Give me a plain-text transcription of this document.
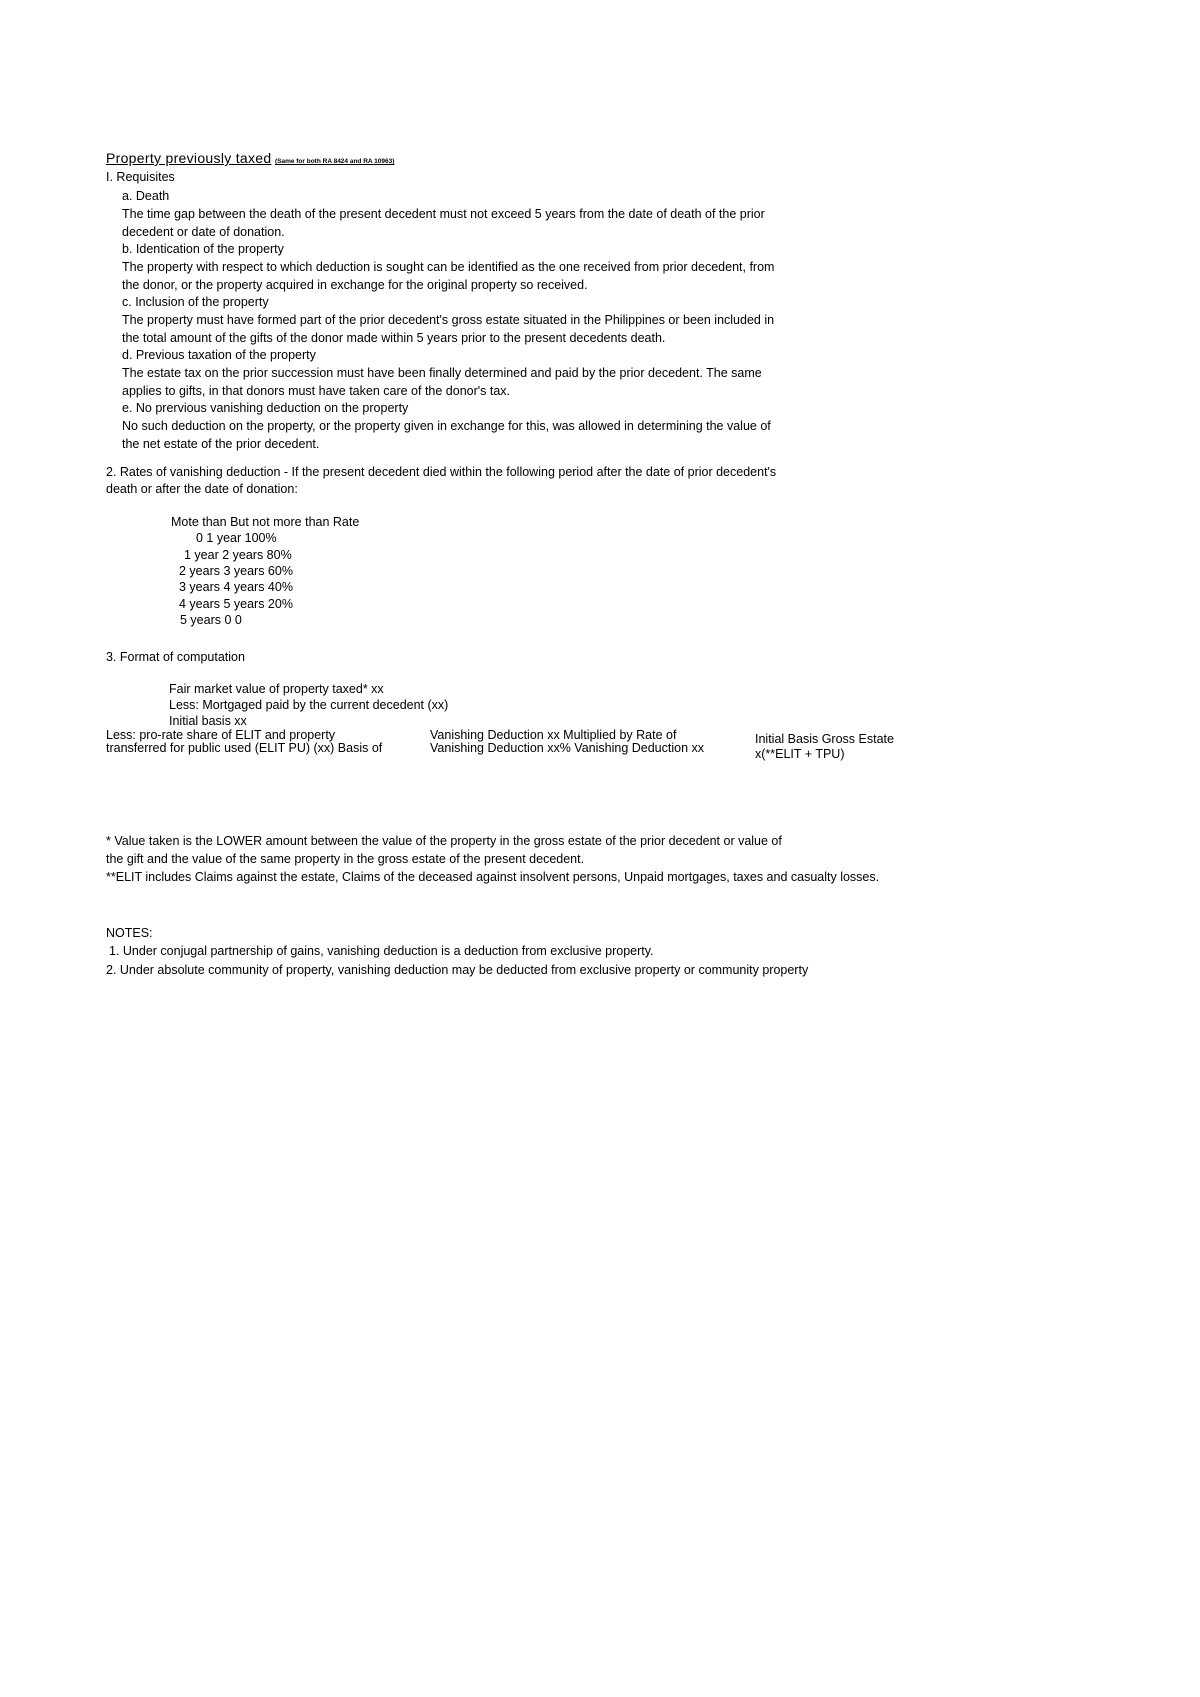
Property previously taxed (Same for both RA 8424 and RA 10963)
I. Requisites
a. Death
The time gap between the death of the present decedent must not exceed 5 years from the date of death of the prior
decedent or date of donation.
b. Identication of the property
The property with respect to which deduction is sought can be identified as the one received from prior decedent, from
the donor, or the property acquired in exchange for the original property so received.
c. Inclusion of the property
The property must have formed part of the prior decedent's gross estate situated in the Philippines or been included in
the total amount of the gifts of the donor made within 5 years prior to the present decedents death.
d. Previous taxation of the property
The estate tax on the prior succession must have been finally determined and paid by the prior decedent. The same
applies to gifts, in that donors must have taken care of the donor's tax.
e. No prervious vanishing deduction on the property
No such deduction on the property, or the property given in exchange for this, was allowed in determining the value of
the net estate of the prior decedent.
2. Rates of vanishing deduction - If the present decedent died within the following period after the date of prior decedent's
death or after the date of donation:
Mote than But not more than Rate
0 1 year 100%
1 year 2 years 80%
2 years 3 years 60%
3 years 4 years 40%
4 years 5 years 20%
5 years 0 0
3. Format of computation
Fair market value of property taxed* xx
Less: Mortgaged paid by the current decedent (xx)
Initial basis xx
Less: pro-rate share of ELIT and property
transferred for public used (ELIT PU) (xx) Basis of
Vanishing Deduction xx Multiplied by Rate of
Vanishing Deduction xx% Vanishing Deduction xx
Initial Basis Gross Estate
x(**ELIT + TPU)
* Value taken is the LOWER amount between the value of the property in the gross estate of the prior decedent or value of
the gift and the value of the same property in the gross estate of the present decedent.
**ELIT includes Claims against the estate, Claims of the deceased against insolvent persons, Unpaid mortgages, taxes and casualty losses.
NOTES:
1. Under conjugal partnership of gains, vanishing deduction is a deduction from exclusive property.
2. Under absolute community of property, vanishing deduction may be deducted from exclusive property or community property
